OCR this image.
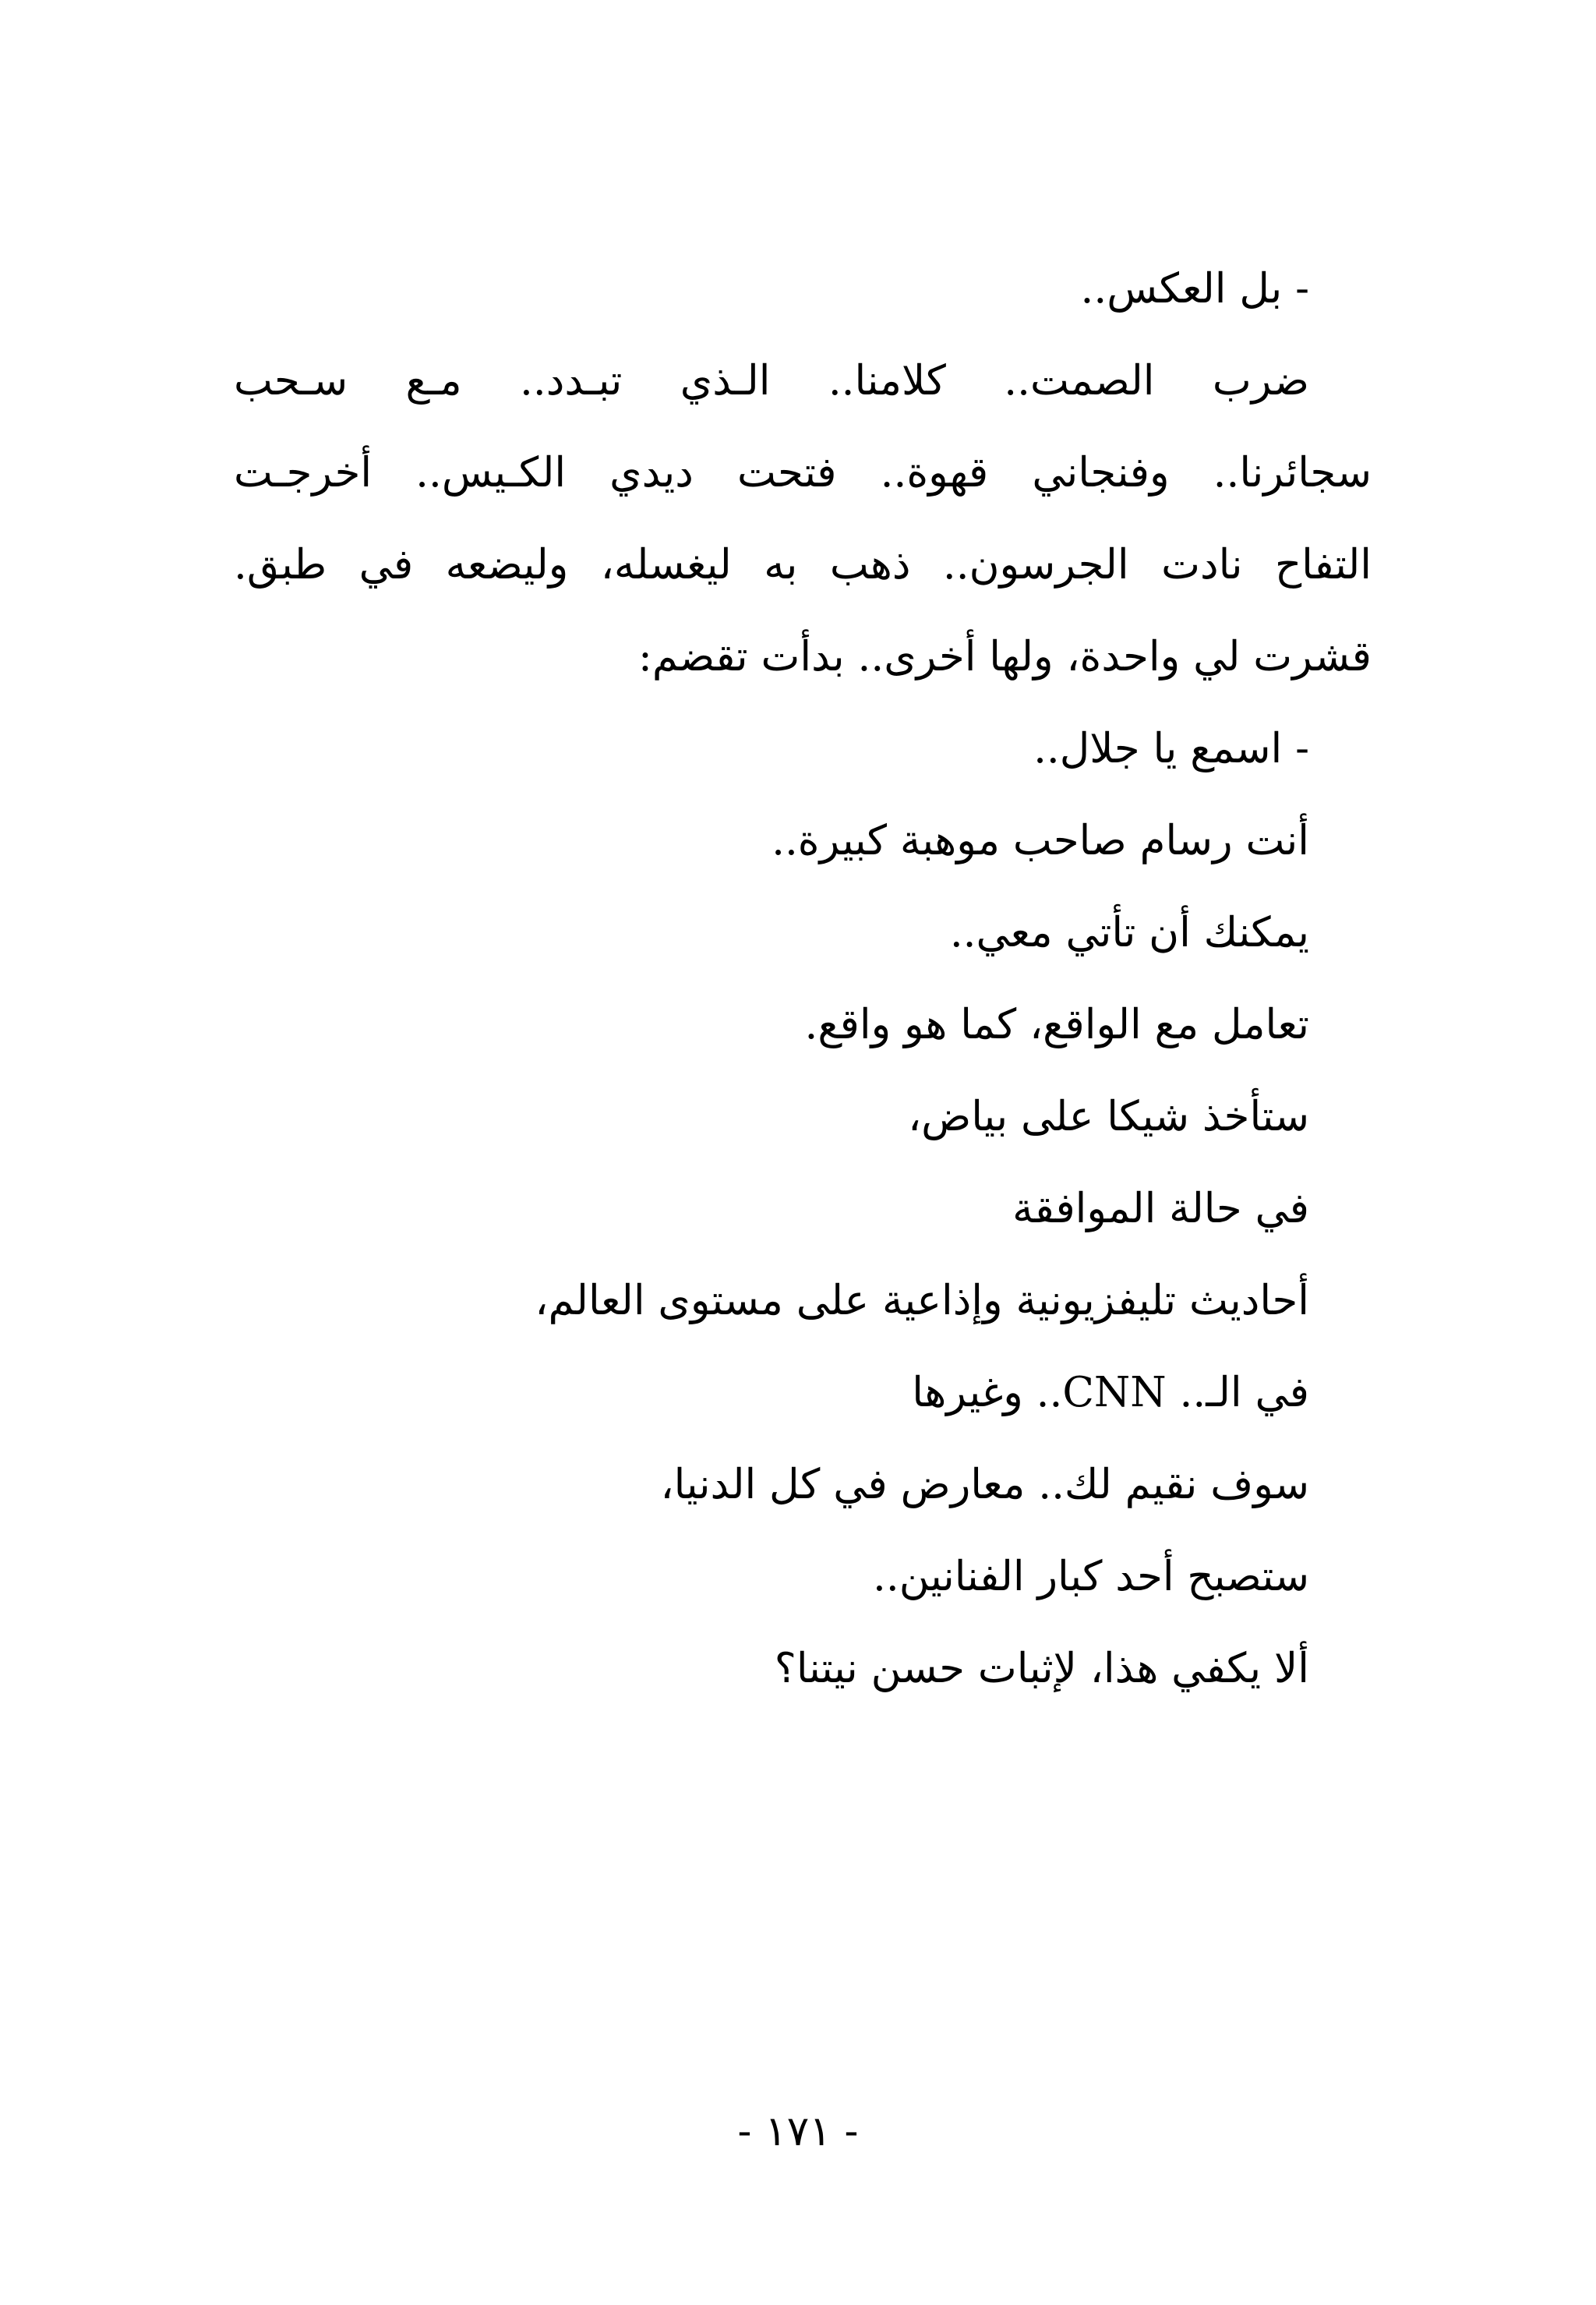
- بل العكس..
ضرب الصمت.. كلامنا.. الـذي تبـدد.. مـع سـحب
سجائرنا.. وفنجاني قهوة.. فتحت ديدي الكـيس.. أخرجـت
التفاح نادت الجرسون.. ذهب به ليغسله، وليضعه في طبق.
قشرت لي واحدة، ولها أخرى.. بدأت تقضم:
- اسمع يا جلال..
أنت رسام صاحب موهبة كبيرة..
يمكنك أن تأتي معي..
تعامل مع الواقع، كما هو واقع.
ستأخذ شيكا على بياض،
في حالة الموافقة
أحاديث تليفزيونية وإذاعية على مستوى العالم،
في الـ.. CNN.. وغيرها
سوف نقيم لك.. معارض في كل الدنيا،
ستصبح أحد كبار الفنانين..
ألا يكفي هذا، لإثبات حسن نيتنا؟
- ١٧١ -
